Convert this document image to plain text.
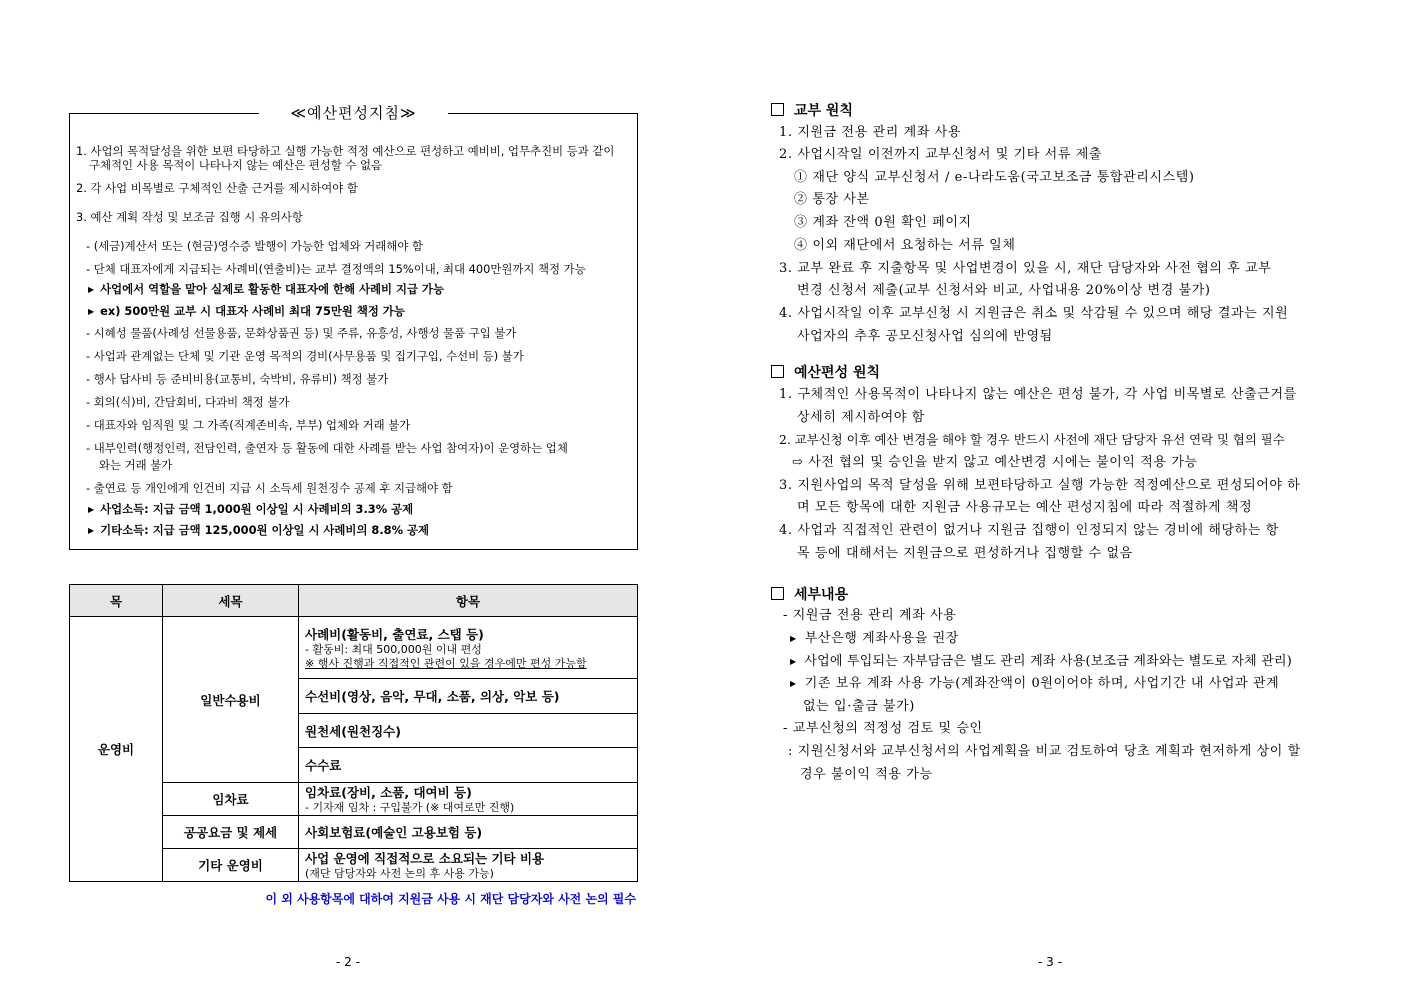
≪예산편성지침≫
1. 사업의 목적달성을 위한 보편 타당하고 실행 가능한 적정 예산으로 편성하고 예비비, 업무추진비 등과 같이
구체적인 사용 목적이 나타나지 않는 예산은 편성할 수 없음
2. 각 사업 비목별로 구체적인 산출 근거를 제시하여야 함
3. 예산 계획 작성 및 보조금 집행 시 유의사항
- (세금)계산서 또는 (현금)영수증 발행이 가능한 업체와 거래해야 함
- 단체 대표자에게 지급되는 사례비(연출비)는 교부 결정액의 15%이내, 최대 400만원까지 책정 가능
▶ 사업에서 역할을 맡아 실제로 활동한 대표자에 한해 사례비 지급 가능
▶ ex) 500만원 교부 시 대표자 사례비 최대 75만원 책정 가능
- 시혜성 물품(사례성 선물용품, 문화상품권 등) 및 주류, 유흥성, 사행성 물품 구입 불가
- 사업과 관계없는 단체 및 기관 운영 목적의 경비(사무용품 및 집기구입, 수선비 등) 불가
- 행사 답사비 등 준비비용(교통비, 숙박비, 유류비) 책정 불가
- 회의(식)비, 간담회비, 다과비 책정 불가
- 대표자와 임직원 및 그 가족(직계존비속, 부부) 업체와 거래 불가
- 내부인력(행정인력, 전담인력, 출연자 등 활동에 대한 사례를 받는 사업 참여자)이 운영하는 업체
와는 거래 불가
- 출연료 등 개인에게 인건비 지급 시 소득세 원천징수 공제 후 지급해야 함
▶ 사업소득: 지급 금액 1,000원 이상일 시 사례비의 3.3% 공제
▶ 기타소득: 지급 금액 125,000원 이상일 시 사례비의 8.8% 공제
목	세목	항목
운영비	일반수용비	사례비(활동비, 출연료, 스탭 등)
- 활동비: 최대 500,000원 이내 편성
※ 행사 진행과 직접적인 관련이 있을 경우에만 편성 가능함

		수선비(영상, 음악, 무대, 소품, 의상, 악보 등)

		원천세(원천징수)

		수수료

	임차료	임차료(장비, 소품, 대여비 등)
- 기자재 임차 : 구입불가 (※ 대여로만 진행)

	공공요금 및 제세	사회보험료(예술인 고용보험 등)

	기타 운영비	사업 운영에 직접적으로 소요되는 기타 비용
(재단 담당자와 사전 논의 후 사용 가능)
이 외 사용항목에 대하여 지원금 사용 시 재단 담당자와 사전 논의 필수
- 2 -
교부 원칙
1. 지원금 전용 관리 계좌 사용
2. 사업시작일 이전까지 교부신청서 및 기타 서류 제출
① 재단 양식 교부신청서 / e-나라도움(국고보조금 통합관리시스템)
② 통장 사본
③ 계좌 잔액 0원 확인 페이지
④ 이외 재단에서 요청하는 서류 일체
3. 교부 완료 후 지출항목 및 사업변경이 있을 시, 재단 담당자와 사전 협의 후 교부
변경 신청서 제출(교부 신청서와 비교, 사업내용 20%이상 변경 불가)
4. 사업시작일 이후 교부신청 시 지원금은 취소 및 삭감될 수 있으며 해당 결과는 지원
사업자의 추후 공모신청사업 심의에 반영됨
예산편성 원칙
1. 구체적인 사용목적이 나타나지 않는 예산은 편성 불가, 각 사업 비목별로 산출근거를
상세히 제시하여야 함
2. 교부신청 이후 예산 변경을 해야 할 경우 반드시 사전에 재단 담당자 유선 연락 및 협의 필수
⇨ 사전 협의 및 승인을 받지 않고 예산변경 시에는 불이익 적용 가능
3. 지원사업의 목적 달성을 위해 보편타당하고 실행 가능한 적정예산으로 편성되어야 하
며 모든 항목에 대한 지원금 사용규모는 예산 편성지침에 따라 적절하게 책정
4. 사업과 직접적인 관련이 없거나 지원금 집행이 인정되지 않는 경비에 해당하는 항
목 등에 대해서는 지원금으로 편성하거나 집행할 수 없음
세부내용
- 지원금 전용 관리 계좌 사용
▶ 부산은행 계좌사용을 권장
▶ 사업에 투입되는 자부담금은 별도 관리 계좌 사용(보조금 계좌와는 별도로 자체 관리)
▶ 기존 보유 계좌 사용 가능(계좌잔액이 0원이어야 하며, 사업기간 내 사업과 관계
없는 입·출금 불가)
- 교부신청의 적정성 검토 및 승인
: 지원신청서와 교부신청서의 사업계획을 비교 검토하여 당초 계획과 현저하게 상이 할
경우 불이익 적용 가능
- 3 -
